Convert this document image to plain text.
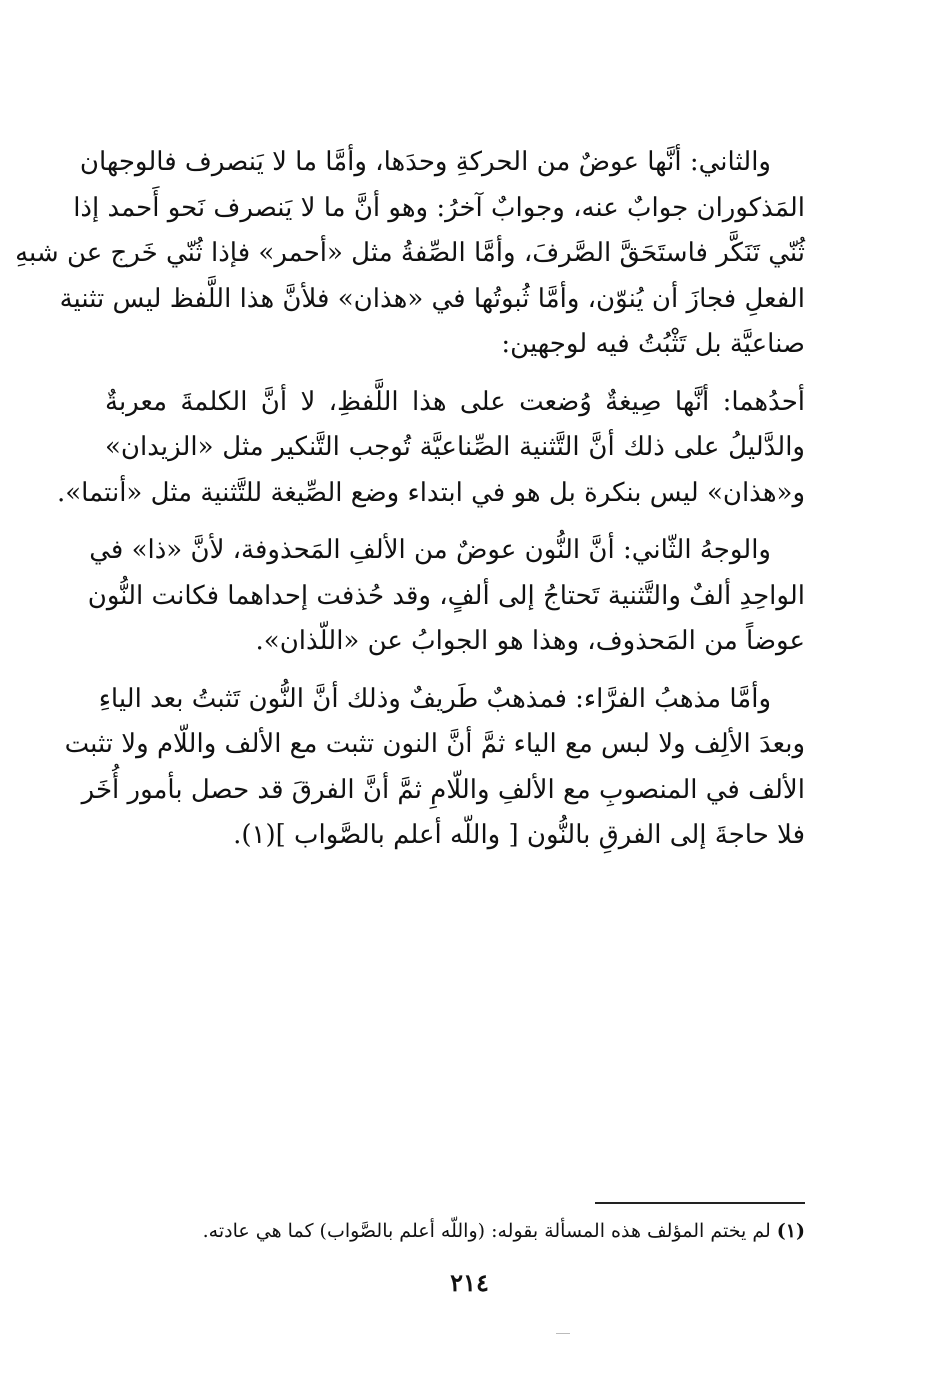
والثاني: أنَّها عوضٌ من الحركةِ وحدَها، وأمَّا ما لا يَنصرف فالوجهان
المَذكوران جوابٌ عنه، وجوابٌ آخرُ: وهو أنَّ ما لا يَنصرف نَحو أَحمد إذا
ثُنّي تَنَكَّر فاستَحَقَّ الصَّرفَ، وأمَّا الصِّفةُ مثل «أحمر» فإذا ثُنّي خَرج عن شبهِ
الفعلِ فجازَ أن يُنوّن، وأمَّا ثُبوتُها في «هذان» فلأنَّ هذا اللَّفظ ليس تثنية
صناعيَّة بل تَثْبُتُ فيه لوجهين:

أحدُهما: أنَّها صِيغةٌ وُضعت على هذا اللَّفظِ، لا أنَّ الكلمةَ معربةٌ
والدَّليلُ على ذلك أنَّ التَّثنية الصِّناعيَّة تُوجب التَّنكير مثل «الزيدان»
و«هذان» ليس بنكرة بل هو في ابتداء وضع الصِّيغة للتَّثنية مثل «أنتما».

والوجهُ الثّاني: أنَّ النُّون عوضٌ من الألفِ المَحذوفة، لأنَّ «ذا» في
الواحِدِ ألفٌ والتَّثنية تَحتاجُ إلى ألفٍ، وقد حُذفت إحداهما فكانت النُّون
عوضاً من المَحذوف، وهذا هو الجوابُ عن «اللّذان».

وأمَّا مذهبُ الفرَّاء: فمذهبٌ طَريفٌ وذلك أنَّ النُّون تَثبتُ بعد الياءِ
وبعدَ الألِف ولا لبس مع الياء ثمَّ أنَّ النون تثبت مع الألف واللّام ولا تثبت
الألف في المنصوبِ مع الألفِ واللّامِ ثمَّ أنَّ الفرقَ قد حصل بأمور أُخَر
فلا حاجةَ إلى الفرقِ بالنُّون [ واللّه أعلم بالصَّواب ](١).

(١)لم يختم المؤلف هذه المسألة بقوله: (واللّه أعلم بالصَّواب) كما هي عادته.
٢١٤
